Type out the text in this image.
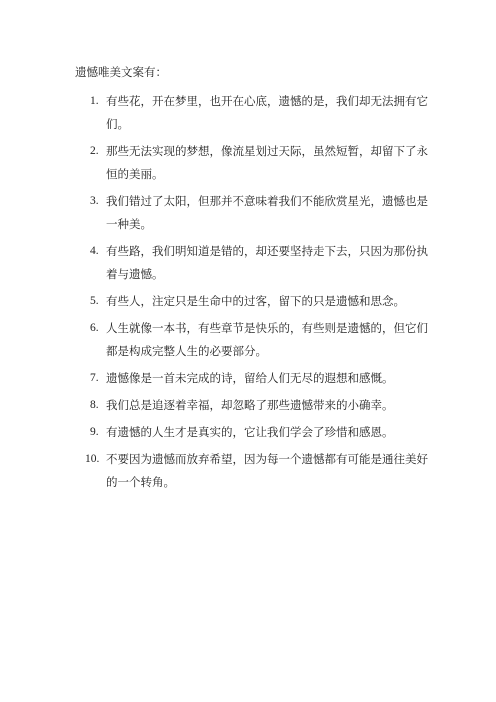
遗憾唯美文案有：
1. 有些花，开在梦里，也开在心底，遗憾的是，我们却无法拥有它们。
2. 那些无法实现的梦想，像流星划过天际，虽然短暂，却留下了永恒的美丽。
3. 我们错过了太阳，但那并不意味着我们不能欣赏星光，遗憾也是一种美。
4. 有些路，我们明知道是错的，却还要坚持走下去，只因为那份执着与遗憾。
5. 有些人，注定只是生命中的过客，留下的只是遗憾和思念。
6. 人生就像一本书，有些章节是快乐的，有些则是遗憾的，但它们都是构成完整人生的必要部分。
7. 遗憾像是一首未完成的诗，留给人们无尽的遐想和感慨。
8. 我们总是追逐着幸福，却忽略了那些遗憾带来的小确幸。
9. 有遗憾的人生才是真实的，它让我们学会了珍惜和感恩。
10. 不要因为遗憾而放弃希望，因为每一个遗憾都有可能是通往美好的一个转角。
